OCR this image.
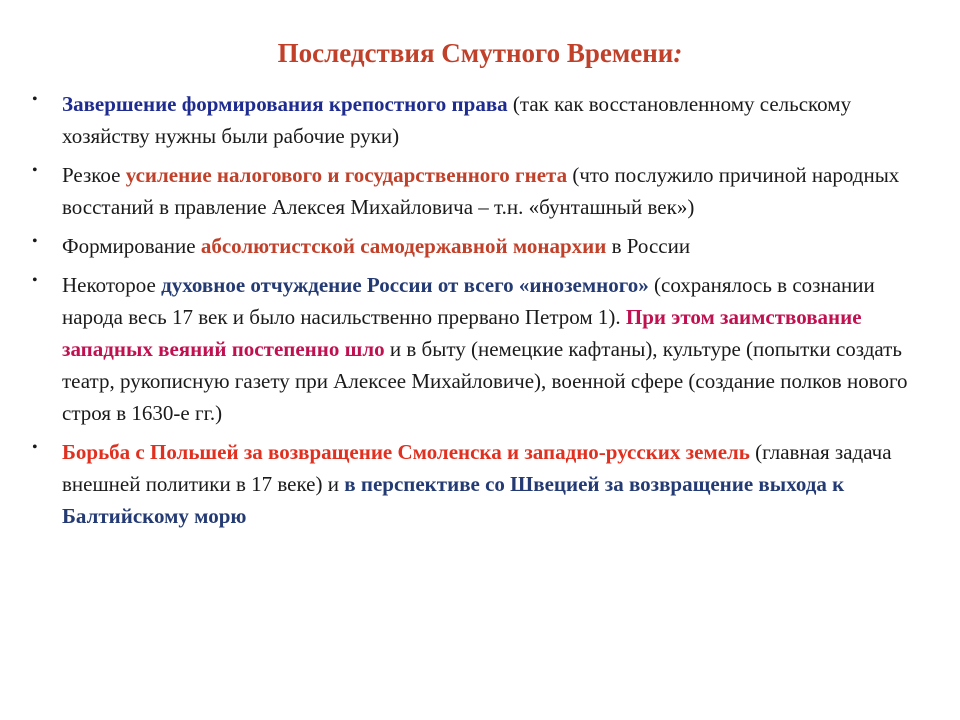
Последствия Смутного Времени:
• Завершение формирования крепостного права (так как восстановленному сельскому хозяйству нужны были рабочие руки)
• Резкое усиление налогового и государственного гнета (что послужило причиной народных восстаний в правление Алексея Михайловича – т.н. «бунташный век»)
• Формирование абсолютистской самодержавной монархии в России
• Некоторое духовное отчуждение России от всего «иноземного» (сохранялось в сознании народа весь 17 век и было насильственно прервано Петром 1). При этом заимствование западных веяний постепенно шло и в быту (немецкие кафтаны), культуре (попытки создать театр, рукописную газету при Алексее Михайловиче), военной сфере (создание полков нового строя в 1630-е гг.)
• Борьба с Польшей за возвращение Смоленска и западно-русских земель (главная задача внешней политики в 17 веке) и в перспективе со Швецией за возвращение выхода к Балтийскому морю
